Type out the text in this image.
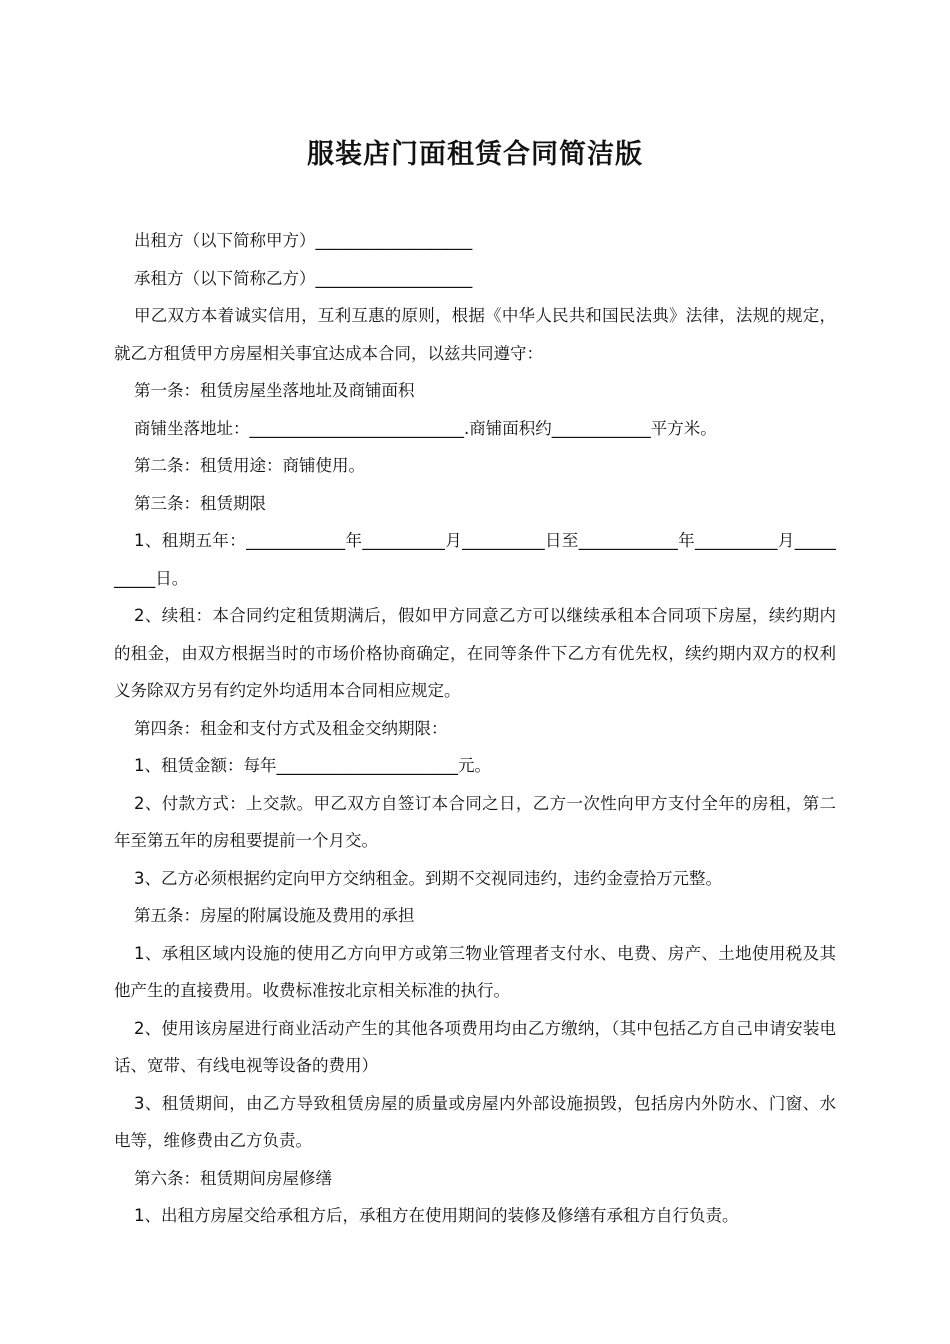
服装店门面租赁合同简洁版

出租方（以下简称甲方）___________________

承租方（以下简称乙方）___________________

甲乙双方本着诚实信用，互利互惠的原则，根据《中华人民共和国民法典》法律，法规的规定，就乙方租赁甲方房屋相关事宜达成本合同，以兹共同遵守：

第一条：租赁房屋坐落地址及商铺面积

商铺坐落地址：__________________________.商铺面积约____________平方米。

第二条：租赁用途：商铺使用。

第三条：租赁期限

1、租期五年：____________年__________月__________日至____________年__________月__________日。

2、续租：本合同约定租赁期满后，假如甲方同意乙方可以继续承租本合同项下房屋，续约期内的租金，由双方根据当时的市场价格协商确定，在同等条件下乙方有优先权，续约期内双方的权利义务除双方另有约定外均适用本合同相应规定。

第四条：租金和支付方式及租金交纳期限：

1、租赁金额：每年______________________元。

2、付款方式：上交款。甲乙双方自签订本合同之日，乙方一次性向甲方支付全年的房租，第二年至第五年的房租要提前一个月交。

3、乙方必须根据约定向甲方交纳租金。到期不交视同违约，违约金壹拾万元整。

第五条：房屋的附属设施及费用的承担

1、承租区域内设施的使用乙方向甲方或第三物业管理者支付水、电费、房产、土地使用税及其他产生的直接费用。收费标准按北京相关标准的执行。

2、使用该房屋进行商业活动产生的其他各项费用均由乙方缴纳，（其中包括乙方自己申请安装电话、宽带、有线电视等设备的费用）

3、租赁期间，由乙方导致租赁房屋的质量或房屋内外部设施损毁，包括房内外防水、门窗、水电等，维修费由乙方负责。

第六条：租赁期间房屋修缮

1、出租方房屋交给承租方后，承租方在使用期间的装修及修缮有承租方自行负责。
